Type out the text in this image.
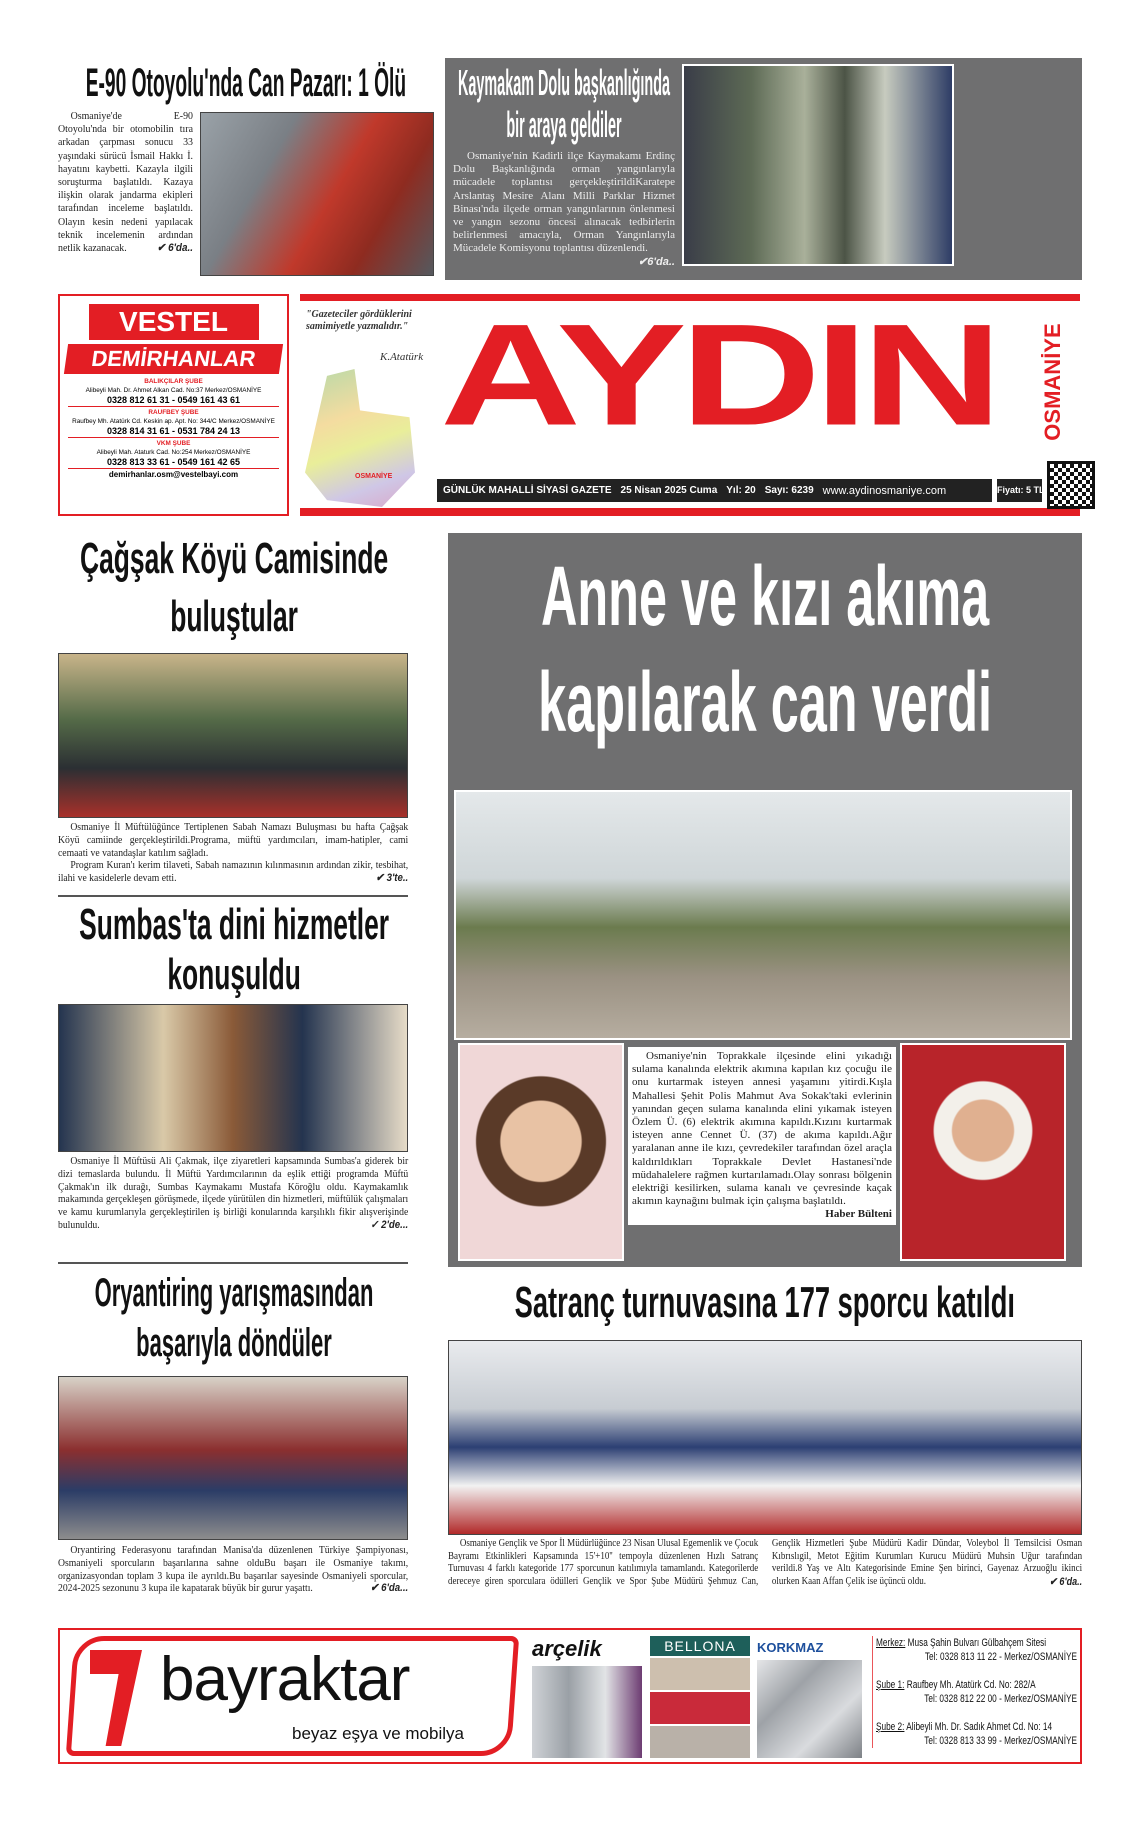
E-90 Otoyolu'nda Can Pazarı: 1 Ölü
Osmaniye'de E-90 Otoyolu'nda bir otomobilin tıra arkadan çarpması sonucu 33 yaşındaki sürücü İsmail Hakkı İ. hayatını kaybetti. Kazayla ilgili soruşturma başlatıldı. Kazaya ilişkin olarak jandarma ekipleri tarafından inceleme başlatıldı. Olayın kesin nedeni yapılacak teknik incelemenin ardından netlik kazanacak.	✔ 6'da..
Kaymakam Dolu başkanlığında bir araya geldiler
Osmaniye'nin Kadirli ilçe Kaymakamı Erdinç Dolu Başkanlığında orman yangınlarıyla mücadele toplantısı gerçekleştirildiKaratepe Arslantaş Mesire Alanı Milli Parklar Hizmet Binası'nda ilçede orman yangınlarının önlenmesi ve yangın sezonu öncesi alınacak tedbirlerin belirlenmesi amacıyla, Orman Yangınlarıyla Mücadele Komisyonu toplantısı düzenlendi.
✔6'da..
VESTEL
DEMİRHANLAR
BALIKÇILAR ŞUBE
Alibeyli Mah. Dr. Ahmet Alkan Cad. No:37 Merkez/OSMANİYE
0328 812 61 31 - 0549 161 43 61
RAUFBEY ŞUBE
Raufbey Mh. Atatürk Cd. Keskin ap. Apt. No: 344/C Merkez/OSMANİYE
0328 814 31 61 - 0531 784 24 13
VKM ŞUBE
Alibeyli Mah. Ataturk Cad. No:254 Merkez/OSMANİYE
0328 813 33 61 - 0549 161 42 65
demirhanlar.osm@vestelbayi.com
"Gazeteciler gördüklerini samimiyetle yazmalıdır."
K.Atatürk
OSMANİYE
AYDIN OSMANİYE
GÜNLÜK MAHALLİ SİYASİ GAZETE 25 Nisan 2025 Cuma Yıl: 20 Sayı: 6239 www.aydinosmaniye.com	Fiyatı: 5 TL.
Çağşak Köyü Camisinde buluştular

Osmaniye İl Müftülüğünce Tertiplenen Sabah Namazı Buluşması bu hafta Çağşak Köyü camiinde gerçekleştirildi.Programa, müftü yardımcıları, imam-hatipler, cami cemaati ve vatandaşlar katılım sağladı.

Program Kuran'ı kerim tilaveti, Sabah namazının kılınmasının ardından zikir, tesbihat, ilahi ve kasidelerle devam etti.	✔ 3'te..

Sumbas'ta dini hizmetler konuşuldu
Osmaniye İl Müftüsü Ali Çakmak, ilçe ziyaretleri kapsamında Sumbas'a giderek bir dizi temaslarda bulundu. İl Müftü Yardımcılarının da eşlik ettiği programda Müftü Çakmak'ın ilk durağı, Sumbas Kaymakamı Mustafa Köroğlu oldu. Kaymakamlık makamında gerçekleşen görüşmede, ilçede yürütülen din hizmetleri, müftülük çalışmaları ve kamu kurumlarıyla gerçekleştirilen iş birliği konularında karşılıklı fikir alışverişinde bulunuldu.	✓ 2'de...
Oryantiring yarışmasından başarıyla döndüler
Oryantiring Federasyonu tarafından Manisa'da düzenlenen Türkiye Şampiyonası, Osmaniyeli sporcuların başarılarına sahne olduBu başarı ile Osmaniye takımı, organizasyondan toplam 3 kupa ile ayrıldı.Bu başarılar sayesinde Osmaniyeli sporcular, 2024-2025 sezonunu 3 kupa ile kapatarak büyük bir gurur yaşattı.	✔ 6'da...
Anne ve kızı akıma kapılarak can verdi
Osmaniye'nin Toprakkale ilçesinde elini yıkadığı sulama kanalında elektrik akımına kapılan kız çocuğu ile onu kurtarmak isteyen annesi yaşamını yitirdi.Kışla Mahallesi Şehit Polis Mahmut Ava Sokak'taki evlerinin yanından geçen sulama kanalında elini yıkamak isteyen Özlem Ü. (6) elektrik akımına kapıldı.Kızını kurtarmak isteyen anne Cennet Ü. (37) de akıma kapıldı.Ağır yaralanan anne ile kızı, çevredekiler tarafından özel araçla kaldırıldıkları Toprakkale Devlet Hastanesi'nde müdahalelere rağmen kurtarılamadı.Olay sonrası bölgenin elektriği kesilirken, sulama kanalı ve çevresinde kaçak akımın kaynağını bulmak için çalışma başlatıldı.
Haber Bülteni
Satranç turnuvasına 177 sporcu katıldı
Osmaniye Gençlik ve Spor İl Müdürlüğünce 23 Nisan Ulusal Egemenlik ve Çocuk Bayramı Etkinlikleri Kapsamında 15'+10'' tempoyla düzenlenen Hızlı Satranç Turnuvası 4 farklı kategoride 177 sporcunun katılımıyla tamamlandı. Kategorilerde dereceye giren sporculara ödülleri Gençlik ve Spor Şube Müdürü Şehmuz Can, Gençlik Hizmetleri Şube Müdürü Kadir Dündar, Voleybol İl Temsilcisi Osman Kıbrıslıgil, Metot Eğitim Kurumları Kurucu Müdürü Muhsin Uğur tarafından verildi.8 Yaş ve Altı Kategorisinde Emine Şen birinci, Gayenaz Arzuoğlu ikinci olurken Kaan Affan Çelik ise üçüncü oldu.	✔ 6'da..
bayraktar
beyaz eşya ve mobilya
arçelik	BELLONA	KORKMAZ	Merkez: Musa Şahin Bulvarı Gülbahçem Sitesi
Tel: 0328 813 11 22 - Merkez/OSMANİYE
Şube 1: Raufbey Mh. Atatürk Cd. No: 282/A
Tel: 0328 812 22 00 - Merkez/OSMANİYE
Şube 2: Alibeyli Mh. Dr. Sadık Ahmet Cd. No: 14
Tel: 0328 813 33 99 - Merkez/OSMANİYE
